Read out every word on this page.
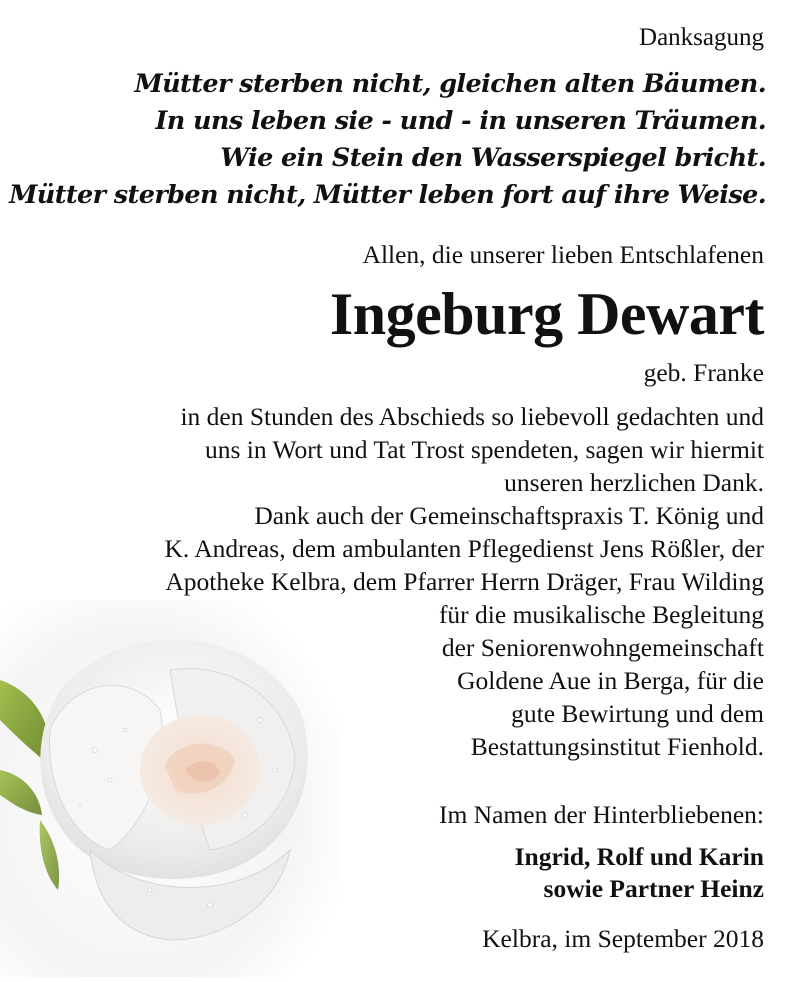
Danksagung
Mütter sterben nicht, gleichen alten Bäumen.
In uns leben sie - und - in unseren Träumen.
Wie ein Stein den Wasserspiegel bricht.
Mütter sterben nicht, Mütter leben fort auf ihre Weise.
Allen, die unserer lieben Entschlafenen
Ingeburg Dewart
geb. Franke
in den Stunden des Abschieds so liebevoll gedachten und
uns in Wort und Tat Trost spendeten, sagen wir hiermit
unseren herzlichen Dank.
Dank auch der Gemeinschaftspraxis T. König und
K. Andreas, dem ambulanten Pflegedienst Jens Rößler, der
Apotheke Kelbra, dem Pfarrer Herrn Dräger, Frau Wilding
für die musikalische Begleitung
der Seniorenwohngemeinschaft
Goldene Aue in Berga, für die
gute Bewirtung und dem
Bestattungsinstitut Fienhold.
Im Namen der Hinterbliebenen:
Ingrid, Rolf und Karin
sowie Partner Heinz
Kelbra, im September 2018
